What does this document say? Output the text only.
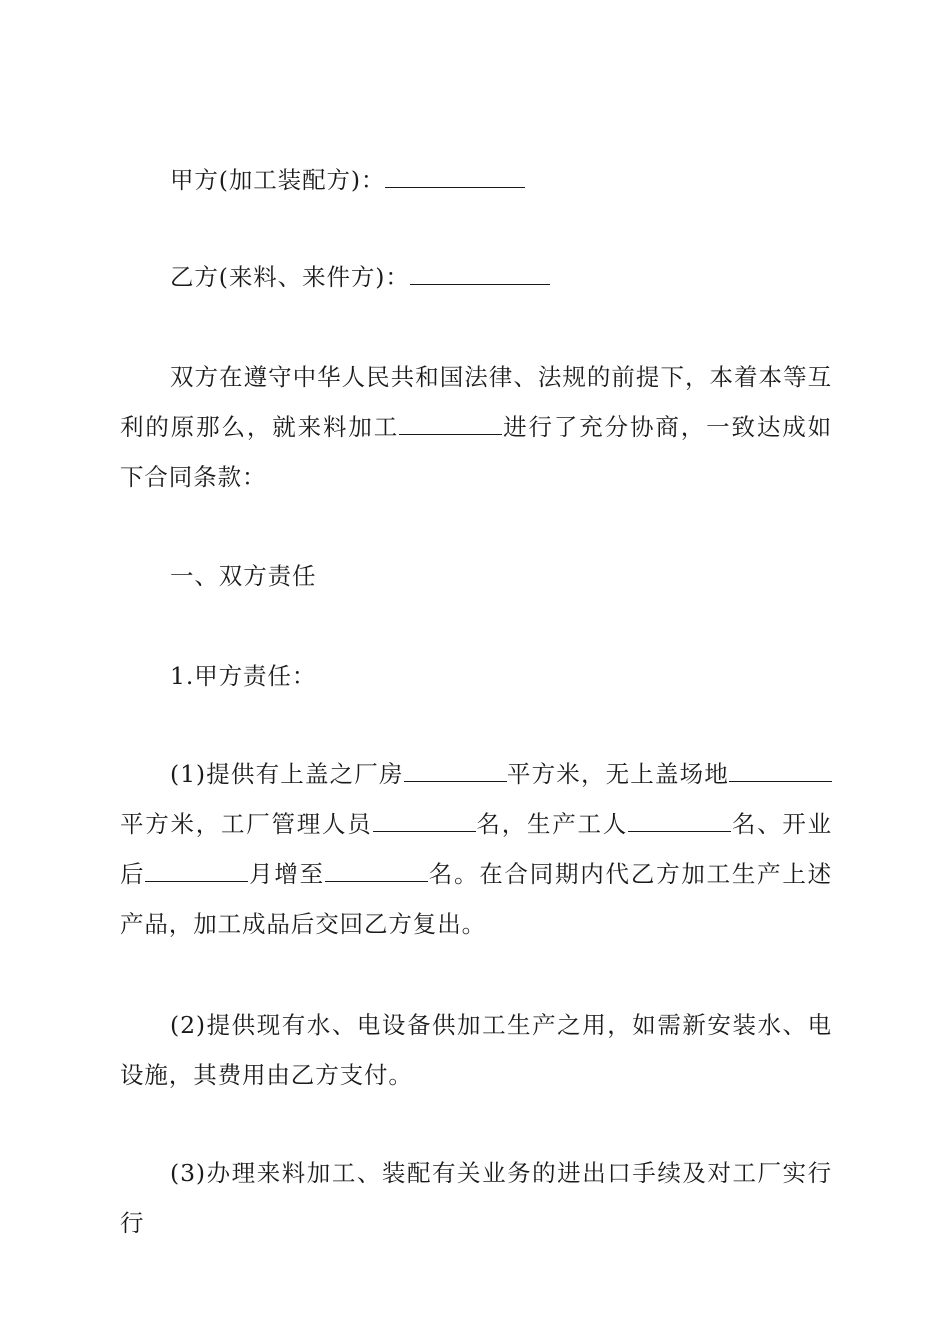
甲方(加工装配方)：

乙方(来料、来件方)：

双方在遵守中华人民共和国法律、法规的前提下，本着本等互利的原那么，就来料加工	进行了充分协商，一致达成如下合同条款：

一、双方责任

1.甲方责任：

(1)提供有上盖之厂房	平方米，无上盖场地平方米，工厂管理人员	名，生产工人	名、开业后	月增至	名。在合同期内代乙方加工生产上述产品，加工成品后交回乙方复出。

(2)提供现有水、电设备供加工生产之用，如需新安装水、电设施，其费用由乙方支付。

(3)办理来料加工、装配有关业务的进出口手续及对工厂实行行
